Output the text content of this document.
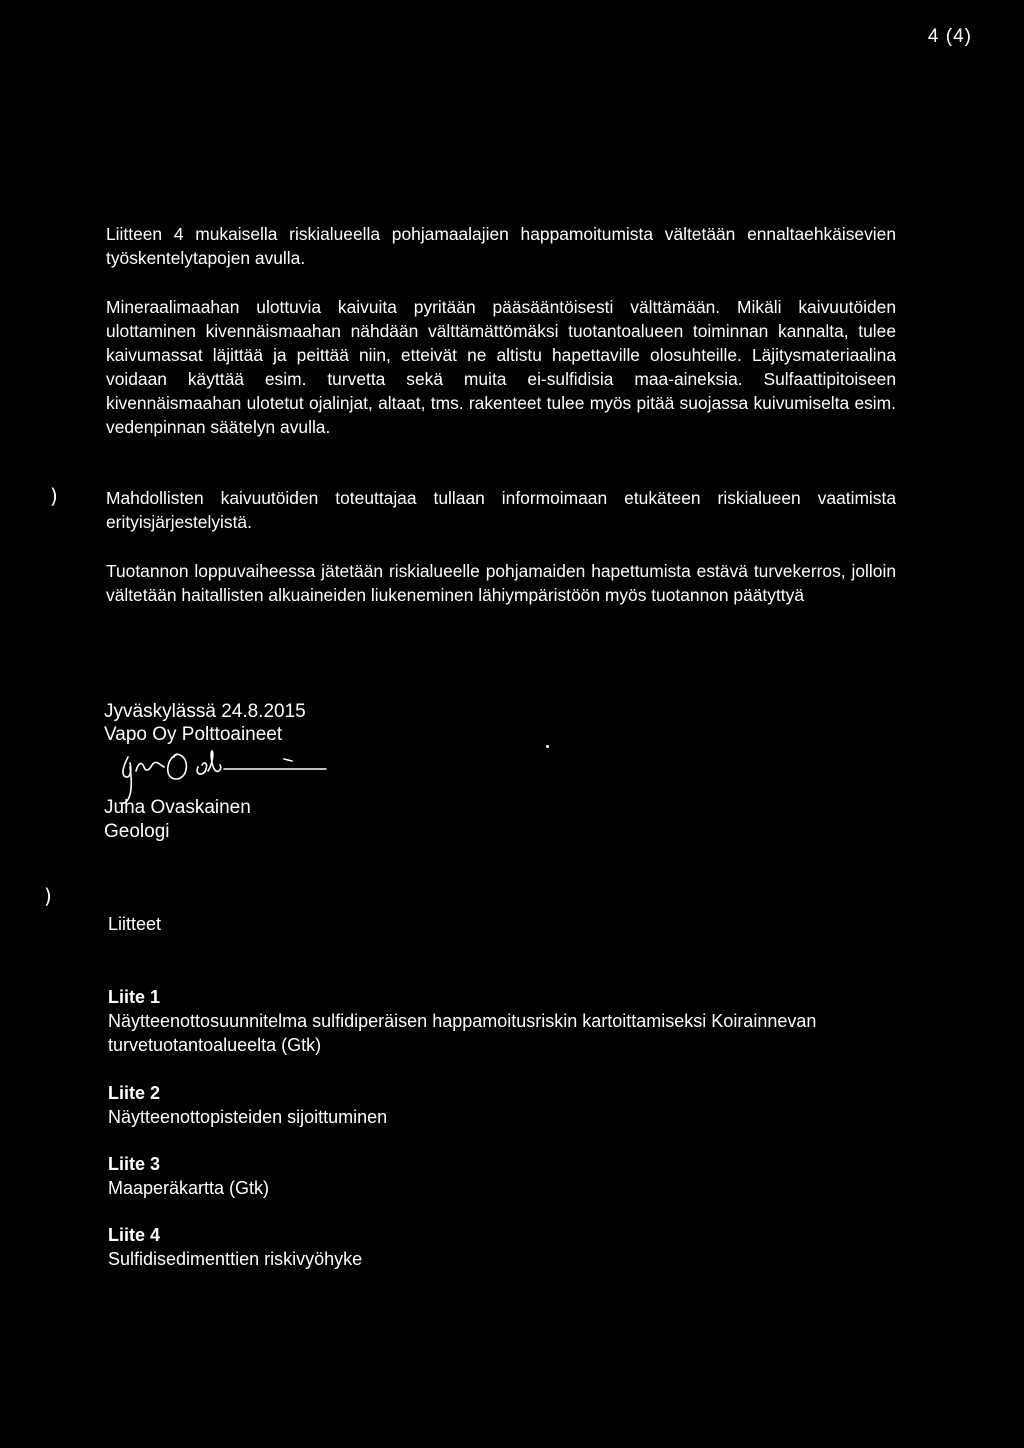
4 (4)

Liitteen 4 mukaisella riskialueella pohjamaalajien happamoitumista vältetään ennaltaehkäisevien työskentelytapojen avulla.

Mineraalimaahan ulottuvia kaivuita pyritään pääsääntöisesti välttämään. Mikäli kaivuutöiden ulottaminen kivennäismaahan nähdään välttämättömäksi tuotantoalueen toiminnan kannalta, tulee kaivumassat läjittää ja peittää niin, etteivät ne altistu hapettaville olosuhteille. Läjitysmateriaalina voidaan käyttää esim. turvetta sekä muita ei-sulfidisia maa-aineksia. Sulfaattipitoiseen kivennäismaahan ulotetut ojalinjat, altaat, tms. rakenteet tulee myös pitää suojassa kuivumiselta esim. vedenpinnan säätelyn avulla.

)	Mahdollisten kaivuutöiden toteuttajaa tullaan informoimaan etukäteen riskialueen vaatimista erityisjärjestelyistä.

Tuotannon loppuvaiheessa jätetään riskialueelle pohjamaiden hapettumista estävä turvekerros, jolloin vältetään haitallisten alkuaineiden liukeneminen lähiympäristöön myös tuotannon päätyttyä

Jyväskylässä 24.8.2015
Vapo Oy Polttoaineet
Juha Ovaskainen
Geologi
)
Liitteet
Liite 1
Näytteenottosuunnitelma sulfidiperäisen happamoitusriskin kartoittamiseksi Koirainnevan turvetuotantoalueelta (Gtk)
Liite 2
Näytteenottopisteiden sijoittuminen
Liite 3
Maaperäkartta (Gtk)
Liite 4
Sulfidisedimenttien riskivyöhyke
